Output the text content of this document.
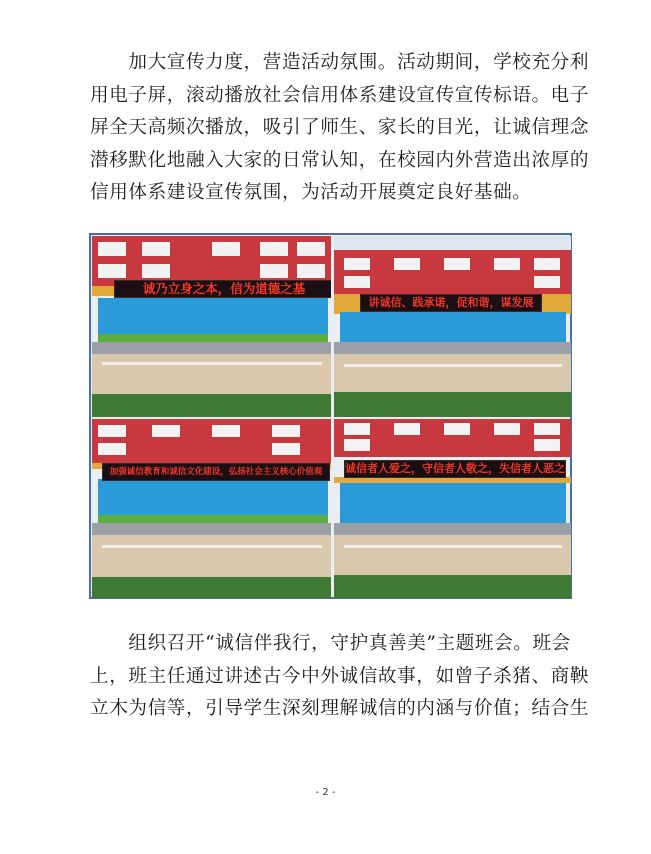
　　加大宣传力度，营造活动氛围。活动期间，学校充分利
用电子屏，滚动播放社会信用体系建设宣传宣传标语。电子
屏全天高频次播放，吸引了师生、家长的目光，让诚信理念
潜移默化地融入大家的日常认知，在校园内外营造出浓厚的
信用体系建设宣传氛围，为活动开展奠定良好基础。
诚乃立身之本，信为道德之基
讲诚信、践承诺，促和谐，谋发展
加强诚信教育和诚信文化建设，弘扬社会主义核心价值观	诚信者人爱之，守信者人敬之，失信者人恶之
　　组织召开“诚信伴我行，守护真善美”主题班会。班会
上，班主任通过讲述古今中外诚信故事，如曾子杀猪、商鞅
立木为信等，引导学生深刻理解诚信的内涵与价值；结合生
- 2 -
